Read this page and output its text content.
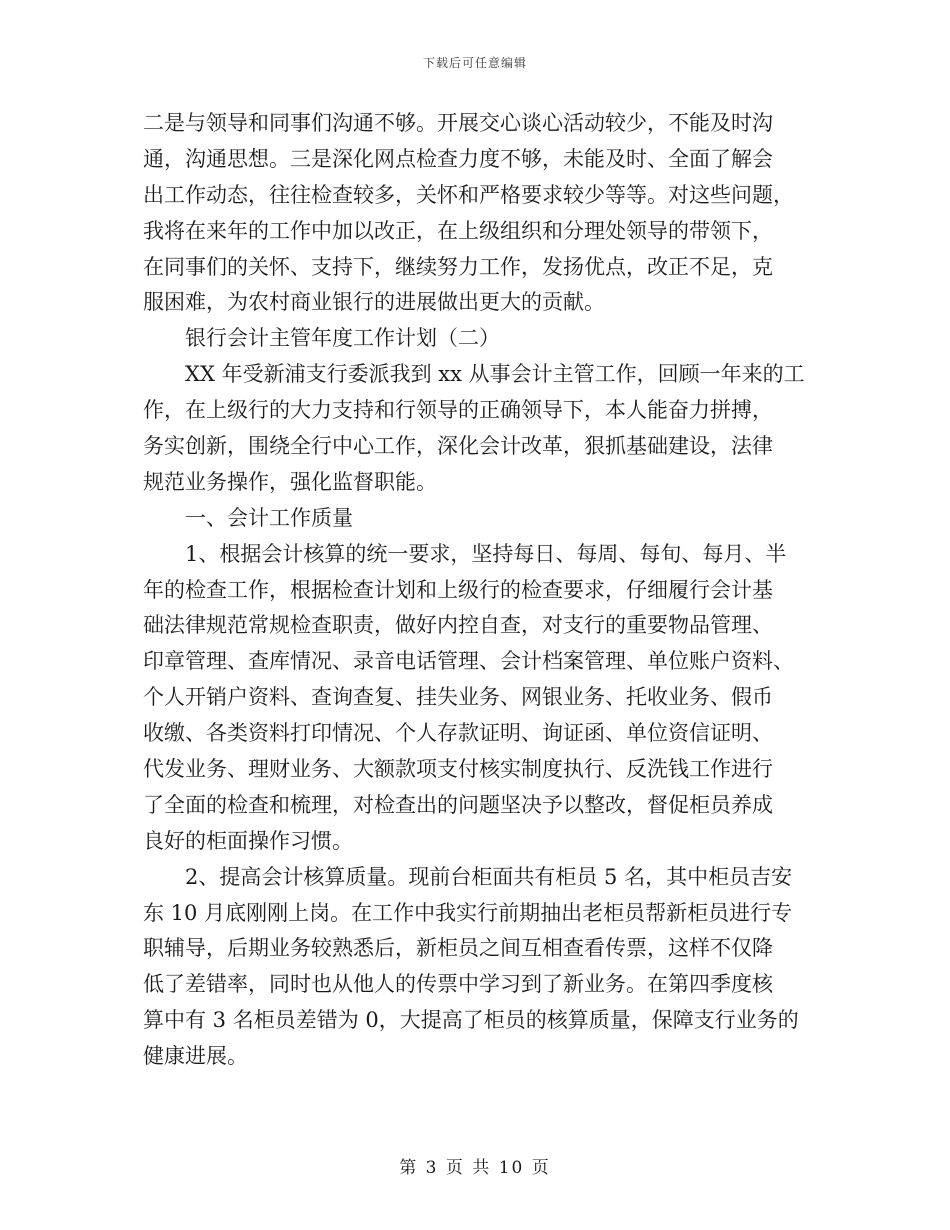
下载后可任意编辑
二是与领导和同事们沟通不够。开展交心谈心活动较少，不能及时沟
通，沟通思想。三是深化网点检查力度不够，未能及时、全面了解会
出工作动态，往往检查较多，关怀和严格要求较少等等。对这些问题，
我将在来年的工作中加以改正，在上级组织和分理处领导的带领下，
在同事们的关怀、支持下，继续努力工作，发扬优点，改正不足，克
服困难，为农村商业银行的进展做出更大的贡献。
银行会计主管年度工作计划（二）
XX 年受新浦支行委派我到 xx 从事会计主管工作，回顾一年来的工
作，在上级行的大力支持和行领导的正确领导下，本人能奋力拼搏，
务实创新，围绕全行中心工作，深化会计改革，狠抓基础建设，法律
规范业务操作，强化监督职能。
一、会计工作质量
1、根据会计核算的统一要求，坚持每日、每周、每旬、每月、半
年的检查工作，根据检查计划和上级行的检查要求，仔细履行会计基
础法律规范常规检查职责，做好内控自查，对支行的重要物品管理、
印章管理、查库情况、录音电话管理、会计档案管理、单位账户资料、
个人开销户资料、查询查复、挂失业务、网银业务、托收业务、假币
收缴、各类资料打印情况、个人存款证明、询证函、单位资信证明、
代发业务、理财业务、大额款项支付核实制度执行、反洗钱工作进行
了全面的检查和梳理，对检查出的问题坚决予以整改，督促柜员养成
良好的柜面操作习惯。
2、提高会计核算质量。现前台柜面共有柜员 5 名，其中柜员吉安
东 10 月底刚刚上岗。在工作中我实行前期抽出老柜员帮新柜员进行专
职辅导，后期业务较熟悉后，新柜员之间互相查看传票，这样不仅降
低了差错率，同时也从他人的传票中学习到了新业务。在第四季度核
算中有 3 名柜员差错为 0，大提高了柜员的核算质量，保障支行业务的
健康进展。
第 3 页 共 10 页
